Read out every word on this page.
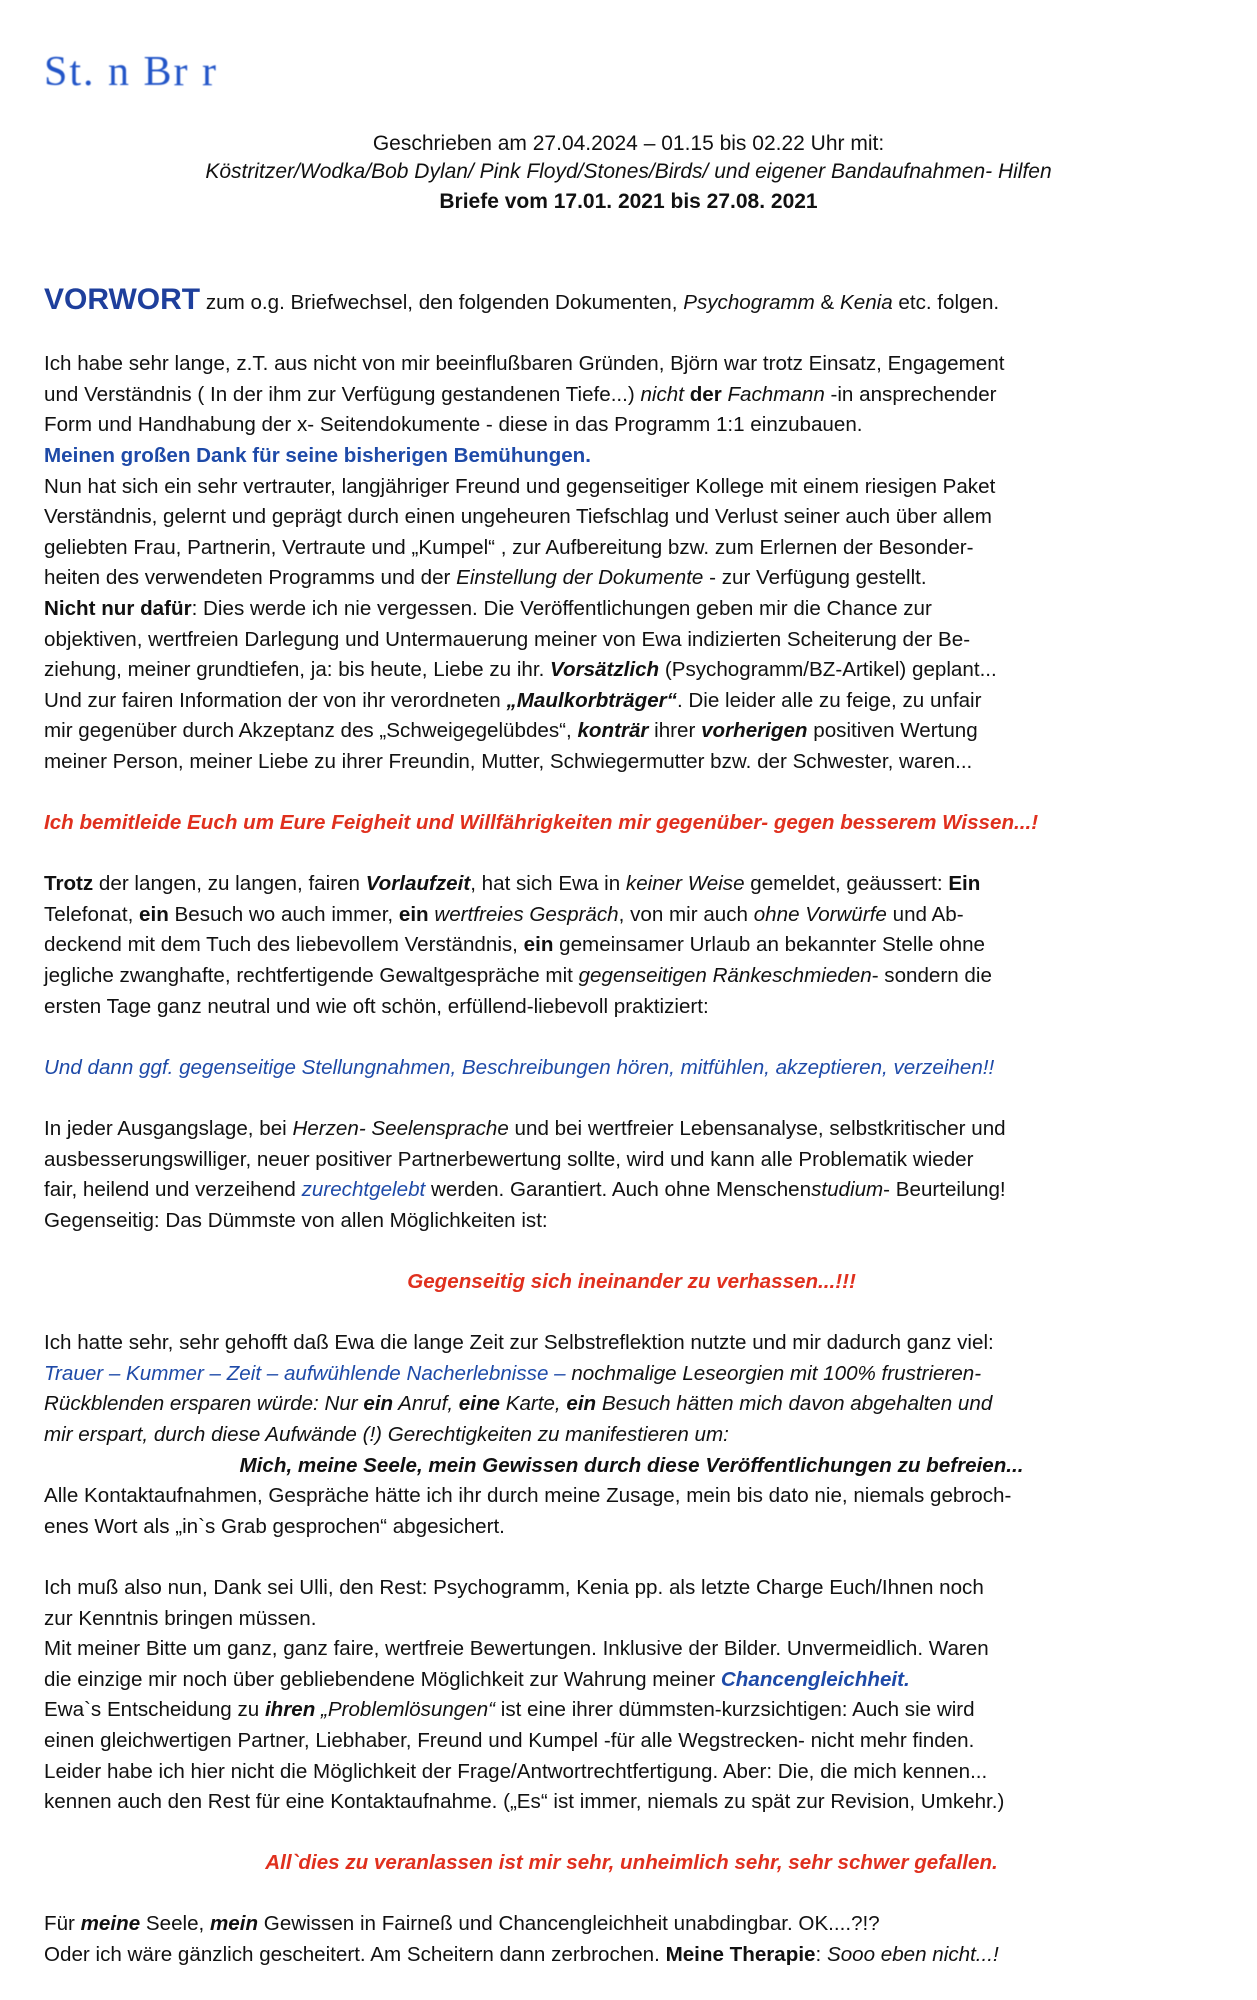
St. n Br r
Geschrieben am 27.04.2024 – 01.15 bis 02.22 Uhr mit:
Köstritzer/Wodka/Bob Dylan/ Pink Floyd/Stones/Birds/ und eigener Bandaufnahmen- Hilfen
Briefe vom 17.01. 2021 bis 27.08. 2021

VORWORT zum o.g. Briefwechsel, den folgenden Dokumenten, Psychogramm & Kenia etc. folgen.

Ich habe sehr lange, z.T. aus nicht von mir beeinflußbaren Gründen, Björn war trotz Einsatz, Engagement

und Verständnis ( In der ihm zur Verfügung gestandenen Tiefe...) nicht der Fachmann -in ansprechender

Form und Handhabung der x- Seitendokumente - diese in das Programm 1:1 einzubauen.

Meinen großen Dank für seine bisherigen Bemühungen.

Nun hat sich ein sehr vertrauter, langjähriger Freund und gegenseitiger Kollege mit einem riesigen Paket

Verständnis, gelernt und geprägt durch einen ungeheuren Tiefschlag und Verlust seiner auch über allem

geliebten Frau, Partnerin, Vertraute und „Kumpel“ , zur Aufbereitung bzw. zum Erlernen der Besonder-

heiten des verwendeten Programms und der Einstellung der Dokumente - zur Verfügung gestellt.

Nicht nur dafür: Dies werde ich nie vergessen. Die Veröffentlichungen geben mir die Chance zur

objektiven, wertfreien Darlegung und Untermauerung meiner von Ewa indizierten Scheiterung der Be-

ziehung, meiner grundtiefen, ja: bis heute, Liebe zu ihr. Vorsätzlich (Psychogramm/BZ-Artikel) geplant...

Und zur fairen Information der von ihr verordneten „Maulkorbträger“. Die leider alle zu feige, zu unfair

mir gegenüber durch Akzeptanz des „Schweigegelübdes“, konträr ihrer vorherigen positiven Wertung

meiner Person, meiner Liebe zu ihrer Freundin, Mutter, Schwiegermutter bzw. der Schwester, waren...

Ich bemitleide Euch um Eure Feigheit und Willfährigkeiten mir gegenüber- gegen besserem Wissen...!

Trotz der langen, zu langen, fairen Vorlaufzeit, hat sich Ewa in keiner Weise gemeldet, geäussert: Ein

Telefonat, ein Besuch wo auch immer, ein wertfreies Gespräch, von mir auch ohne Vorwürfe und Ab-

deckend mit dem Tuch des liebevollem Verständnis, ein gemeinsamer Urlaub an bekannter Stelle ohne

jegliche zwanghafte, rechtfertigende Gewaltgespräche mit gegenseitigen Ränkeschmieden- sondern die

ersten Tage ganz neutral und wie oft schön, erfüllend-liebevoll praktiziert:

Und dann ggf. gegenseitige Stellungnahmen, Beschreibungen hören, mitfühlen, akzeptieren, verzeihen!!

In jeder Ausgangslage, bei Herzen- Seelensprache und bei wertfreier Lebensanalyse, selbstkritischer und

ausbesserungswilliger, neuer positiver Partnerbewertung sollte, wird und kann alle Problematik wieder

fair, heilend und verzeihend zurechtgelebt werden. Garantiert. Auch ohne Menschenstudium- Beurteilung!

Gegenseitig: Das Dümmste von allen Möglichkeiten ist:

Gegenseitig sich ineinander zu verhassen...!!!

Ich hatte sehr, sehr gehofft daß Ewa die lange Zeit zur Selbstreflektion nutzte und mir dadurch ganz viel:

Trauer – Kummer – Zeit – aufwühlende Nacherlebnisse – nochmalige Leseorgien mit 100% frustrieren-

Rückblenden ersparen würde: Nur ein Anruf, eine Karte, ein Besuch hätten mich davon abgehalten und

mir erspart, durch diese Aufwände (!) Gerechtigkeiten zu manifestieren um:

Mich, meine Seele, mein Gewissen durch diese Veröffentlichungen zu befreien...

Alle Kontaktaufnahmen, Gespräche hätte ich ihr durch meine Zusage, mein bis dato nie, niemals gebroch-

enes Wort als „in`s Grab gesprochen“ abgesichert.

Ich muß also nun, Dank sei Ulli, den Rest: Psychogramm, Kenia pp. als letzte Charge Euch/Ihnen noch

zur Kenntnis bringen müssen.

Mit meiner Bitte um ganz, ganz faire, wertfreie Bewertungen. Inklusive der Bilder. Unvermeidlich. Waren

die einzige mir noch über gebliebendene Möglichkeit zur Wahrung meiner Chancengleichheit.

Ewa`s Entscheidung zu ihren „Problemlösungen“ ist eine ihrer dümmsten-kurzsichtigen: Auch sie wird

einen gleichwertigen Partner, Liebhaber, Freund und Kumpel -für alle Wegstrecken- nicht mehr finden.

Leider habe ich hier nicht die Möglichkeit der Frage/Antwortrechtfertigung. Aber: Die, die mich kennen...

kennen auch den Rest für eine Kontaktaufnahme. („Es“ ist immer, niemals zu spät zur Revision, Umkehr.)

All`dies zu veranlassen ist mir sehr, unheimlich sehr, sehr schwer gefallen.

Für meine Seele, mein Gewissen in Fairneß und Chancengleichheit unabdingbar. OK....?!?

Oder ich wäre gänzlich gescheitert. Am Scheitern dann zerbrochen. Meine Therapie: Sooo eben nicht...!
